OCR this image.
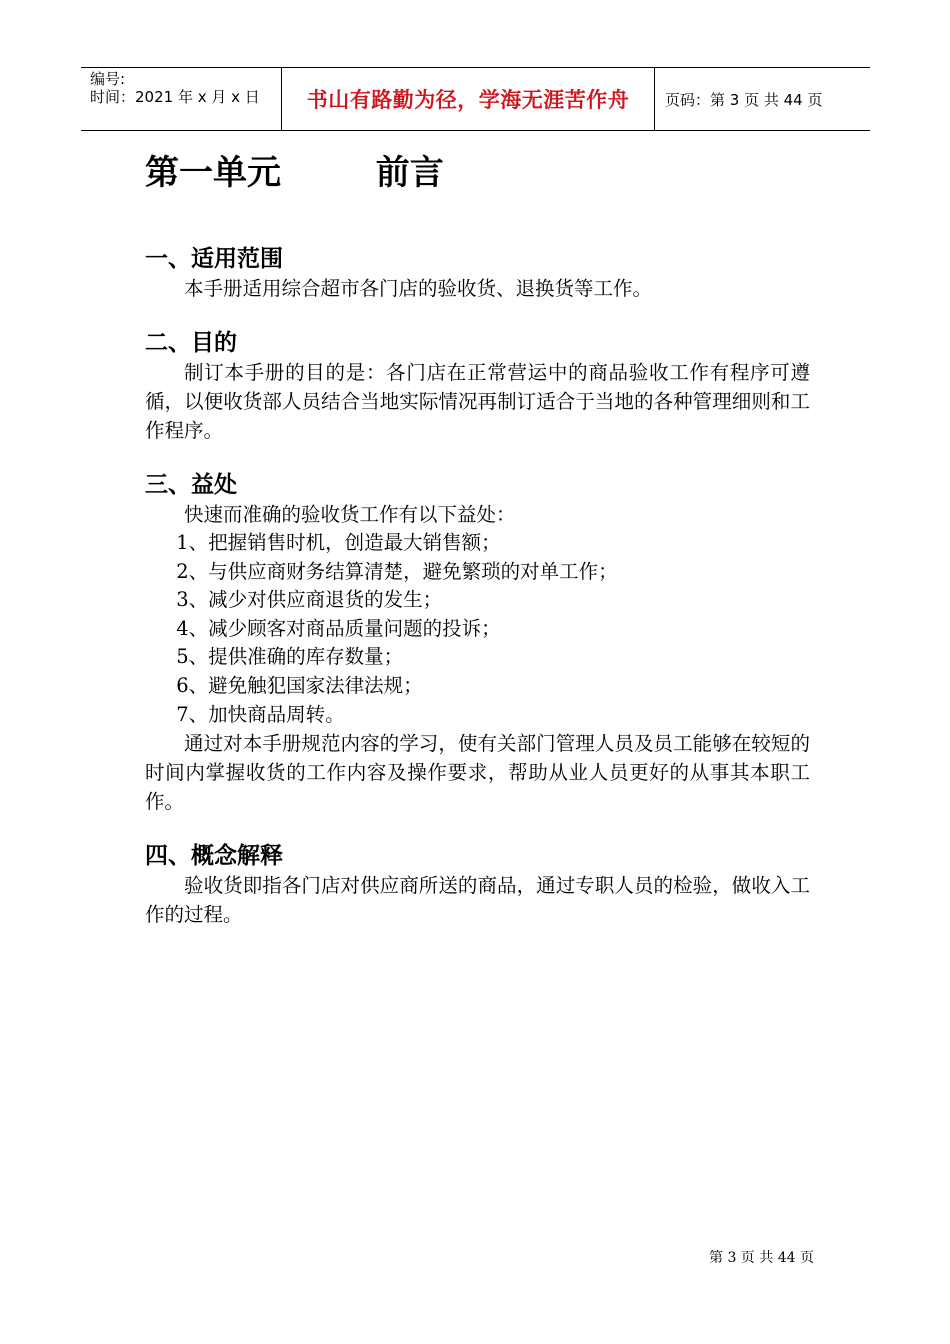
编号:
时间：2021 年 x 月 x 日	书山有路勤为径，学海无涯苦作舟 页码：第 3 页 共 44 页
第一单元        前言
一、适用范围

本手册适用综合超市各门店的验收货、退换货等工作。

二、目的

制订本手册的目的是：各门店在正常营运中的商品验收工作有程序可遵循，以便收货部人员结合当地实际情况再制订适合于当地的各种管理细则和工作程序。

三、益处

快速而准确的验收货工作有以下益处：

1、把握销售时机，创造最大销售额；
2、与供应商财务结算清楚，避免繁琐的对单工作；
3、减少对供应商退货的发生；
4、减少顾客对商品质量问题的投诉；
5、提供准确的库存数量；
6、避免触犯国家法律法规；
7、加快商品周转。

通过对本手册规范内容的学习，使有关部门管理人员及员工能够在较短的时间内掌握收货的工作内容及操作要求，帮助从业人员更好的从事其本职工作。

四、概念解释

验收货即指各门店对供应商所送的商品，通过专职人员的检验，做收入工作的过程。

第 3 页 共 44 页
